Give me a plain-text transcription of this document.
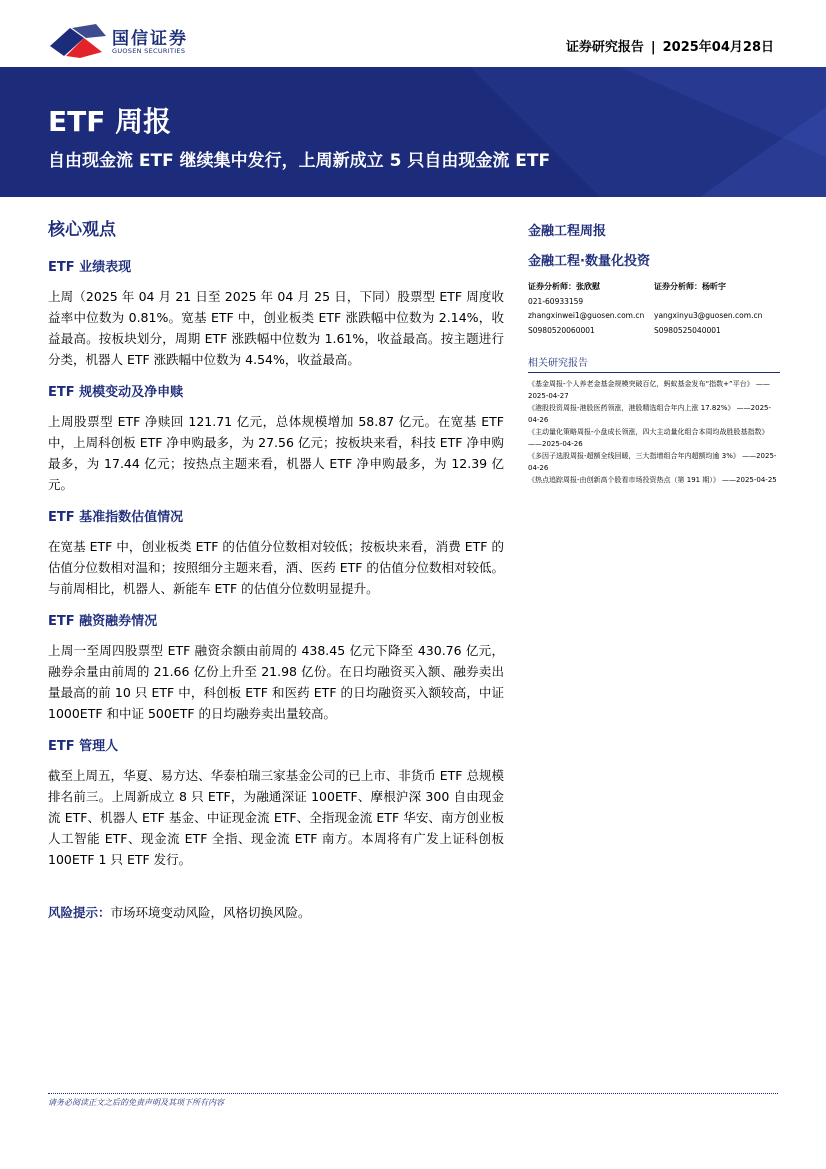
国信证券
GUOSEN SECURITIES	证券研究报告 | 2025年04月28日
ETF 周报
自由现金流 ETF 继续集中发行，上周新成立 5 只自由现金流 ETF
核心观点
ETF 业绩表现

上周（2025 年 04 月 21 日至 2025 年 04 月 25 日，下同）股票型 ETF 周度收益率中位数为 0.81%。宽基 ETF 中，创业板类 ETF 涨跌幅中位数为 2.14%，收益最高。按板块划分，周期 ETF 涨跌幅中位数为 1.61%，收益最高。按主题进行分类，机器人 ETF 涨跌幅中位数为 4.54%，收益最高。

ETF 规模变动及净申赎

上周股票型 ETF 净赎回 121.71 亿元，总体规模增加 58.87 亿元。在宽基 ETF 中，上周科创板 ETF 净申购最多，为 27.56 亿元；按板块来看，科技 ETF 净申购最多，为 17.44 亿元；按热点主题来看，机器人 ETF 净申购最多，为 12.39 亿元。

ETF 基准指数估值情况

在宽基 ETF 中，创业板类 ETF 的估值分位数相对较低；按板块来看，消费 ETF 的估值分位数相对温和；按照细分主题来看，酒、医药 ETF 的估值分位数相对较低。与前周相比，机器人、新能车 ETF 的估值分位数明显提升。

ETF 融资融券情况

上周一至周四股票型 ETF 融资余额由前周的 438.45 亿元下降至 430.76 亿元，融券余量由前周的 21.66 亿份上升至 21.98 亿份。在日均融资买入额、融券卖出量最高的前 10 只 ETF 中，科创板 ETF 和医药 ETF 的日均融资买入额较高，中证 1000ETF 和中证 500ETF 的日均融券卖出量较高。

ETF 管理人

截至上周五，华夏、易方达、华泰柏瑞三家基金公司的已上市、非货币 ETF 总规模排名前三。上周新成立 8 只 ETF，为融通深证 100ETF、摩根沪深 300 自由现金流 ETF、机器人 ETF 基金、中证现金流 ETF、全指现金流 ETF 华安、南方创业板人工智能 ETF、现金流 ETF 全指、现金流 ETF 南方。本周将有广发上证科创板 100ETF 1 只 ETF 发行。

风险提示：市场环境变动风险，风格切换风险。
金融工程周报
金融工程·数量化投资
证券分析师：张欣慰
021-60933159
zhangxinwei1@guosen.com.cn
S0980520060001
证券分析师：杨昕宇

yangxinyu3@guosen.com.cn
S0980525040001
相关研究报告
《基金周报-个人养老金基金规模突破百亿，蚂蚁基金发布“指数+”平台》 ——2025-04-27
《港股投资周报-港股医药领涨，港股精选组合年内上涨 17.82%》 ——2025-04-26
《主动量化策略周报-小盘成长领涨，四大主动量化组合本周均战胜股基指数》 ——2025-04-26
《多因子选股周报-超额全线回暖，三大指增组合年内超额均逾 3%》 ——2025-04-26
《热点追踪周报-由创新高个股看市场投资热点（第 191 期）》 ——2025-04-25
请务必阅读正文之后的免责声明及其项下所有内容
